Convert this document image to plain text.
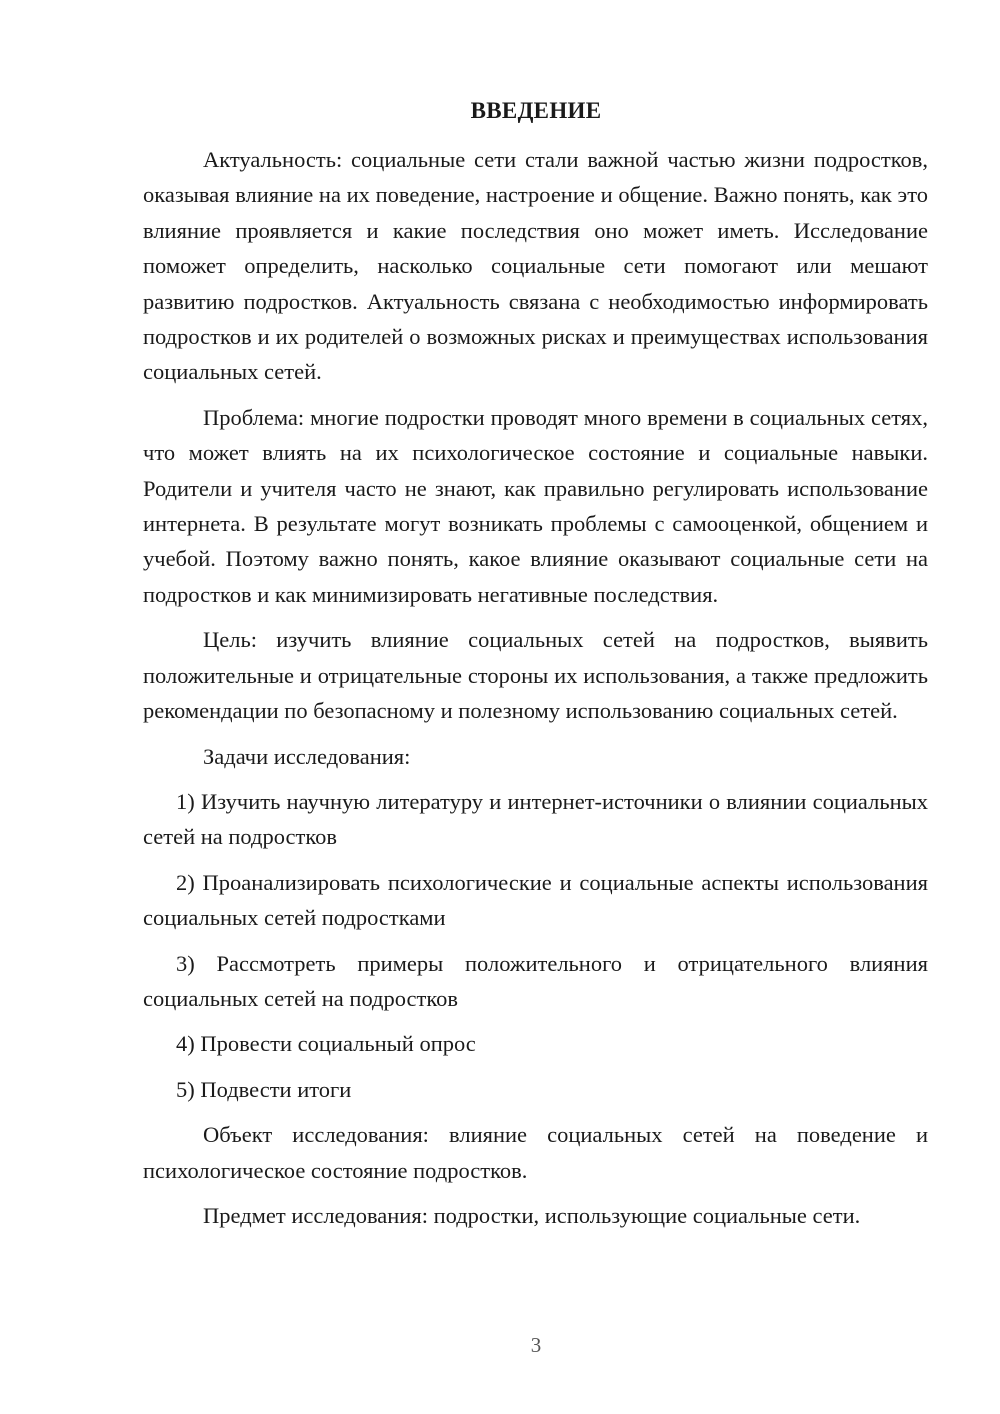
ВВЕДЕНИЕ

Актуальность: социальные сети стали важной частью жизни подростков, оказывая влияние на их поведение, настроение и общение. Важно понять, как это влияние проявляется и какие последствия оно может иметь. Исследование поможет определить, насколько социальные сети помогают или мешают развитию подростков. Актуальность связана с необходимостью информировать подростков и их родителей о возможных рисках и преимуществах использования социальных сетей.

Проблема: многие подростки проводят много времени в социальных сетях, что может влиять на их психологическое состояние и социальные навыки. Родители и учителя часто не знают, как правильно регулировать использование интернета. В результате могут возникать проблемы с самооценкой, общением и учебой. Поэтому важно понять, какое влияние оказывают социальные сети на подростков и как минимизировать негативные последствия.

Цель: изучить влияние социальных сетей на подростков, выявить положительные и отрицательные стороны их использования, а также предложить рекомендации по безопасному и полезному использованию социальных сетей.

Задачи исследования:

1) Изучить научную литературу и интернет-источники о влиянии социальных сетей на подростков

2) Проанализировать психологические и социальные аспекты использования социальных сетей подростками

3) Рассмотреть примеры положительного и отрицательного влияния социальных сетей на подростков

4) Провести социальный опрос

5) Подвести итоги

Объект исследования: влияние социальных сетей на поведение и психологическое состояние подростков.

Предмет исследования: подростки, использующие социальные сети.

3
